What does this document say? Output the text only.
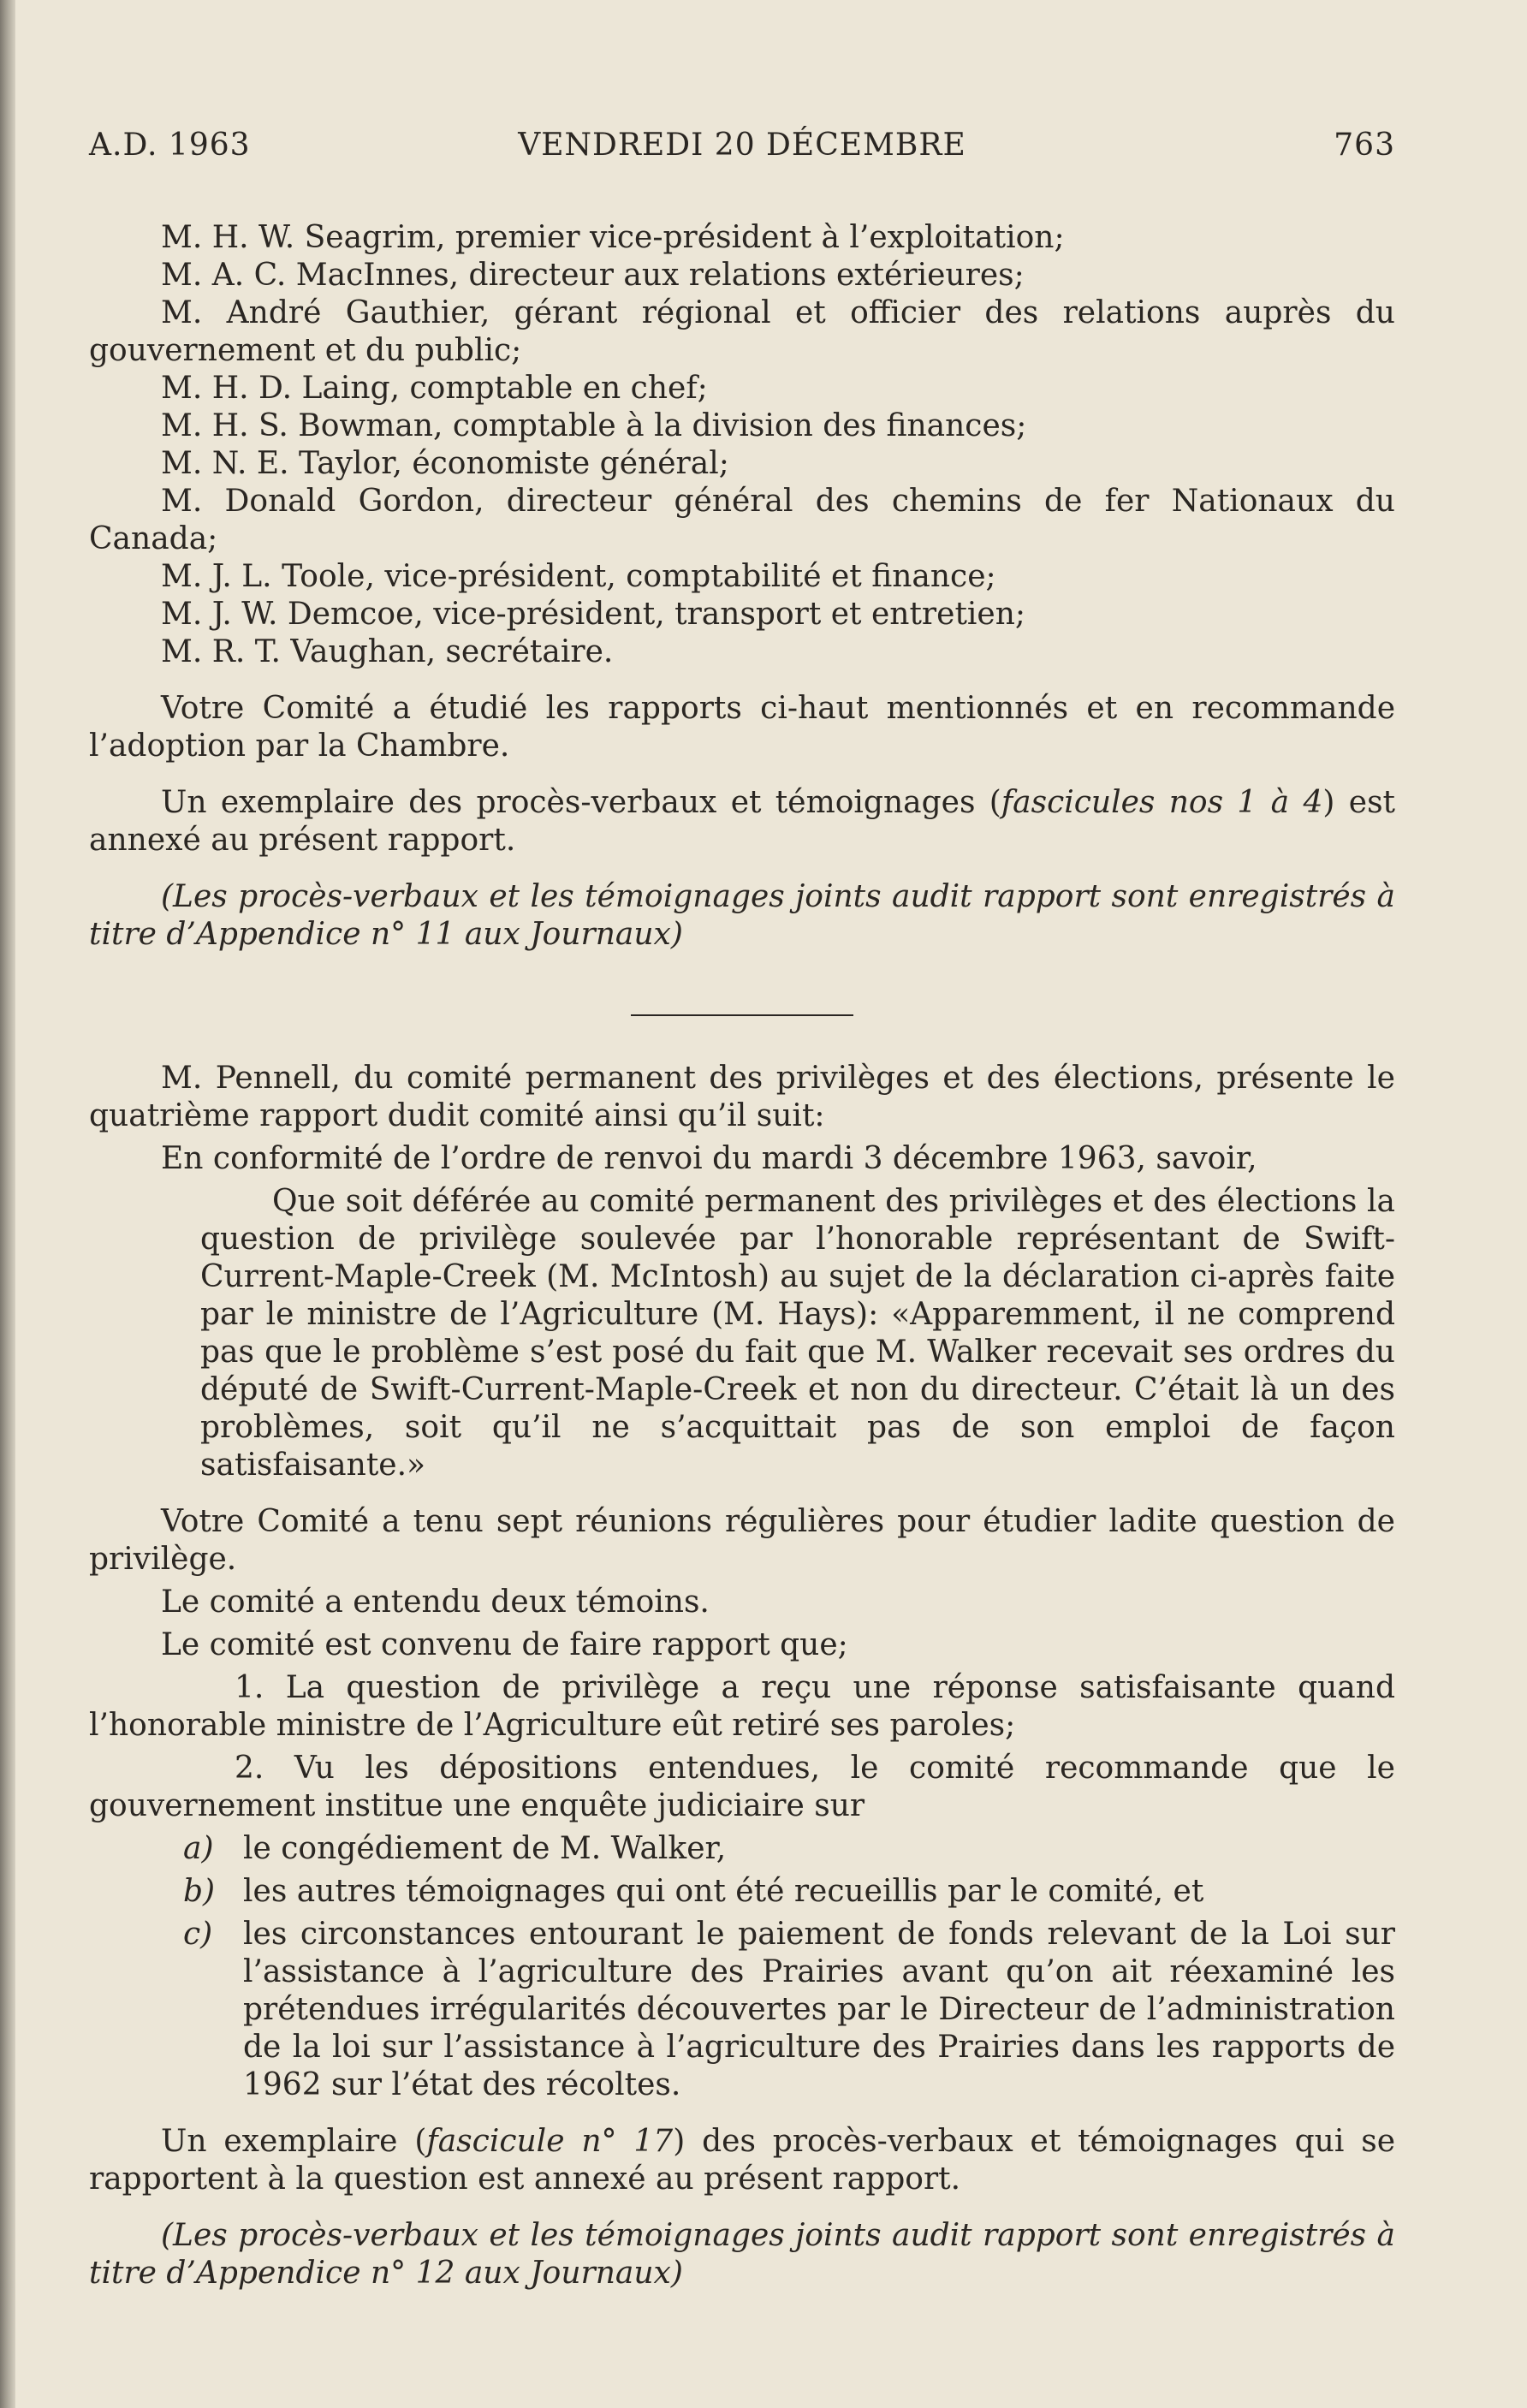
A.D. 1963	VENDREDI 20 DÉCEMBRE	763

M. H. W. Seagrim, premier vice-président à l’exploitation;

M. A. C. MacInnes, directeur aux relations extérieures;

M. André Gauthier, gérant régional et officier des relations auprès du gouvernement et du public;

M. H. D. Laing, comptable en chef;

M. H. S. Bowman, comptable à la division des finances;

M. N. E. Taylor, économiste général;

M. Donald Gordon, directeur général des chemins de fer Nationaux du Canada;

M. J. L. Toole, vice-président, comptabilité et finance;

M. J. W. Demcoe, vice-président, transport et entretien;

M. R. T. Vaughan, secrétaire.

Votre Comité a étudié les rapports ci-haut mentionnés et en recommande l’adoption par la Chambre.

Un exemplaire des procès-verbaux et témoignages (fascicules nos 1 à 4) est annexé au présent rapport.

(Les procès-verbaux et les témoignages joints audit rapport sont enregistrés à titre d’Appendice n° 11 aux Journaux)

M. Pennell, du comité permanent des privilèges et des élections, présente le quatrième rapport dudit comité ainsi qu’il suit:

En conformité de l’ordre de renvoi du mardi 3 décembre 1963, savoir,

Que soit déférée au comité permanent des privilèges et des élections la question de privilège soulevée par l’honorable représentant de Swift-Current-Maple-Creek (M. McIntosh) au sujet de la déclaration ci-après faite par le ministre de l’Agriculture (M. Hays): «Apparemment, il ne comprend pas que le problème s’est posé du fait que M. Walker recevait ses ordres du député de Swift-Current-Maple-Creek et non du directeur. C’était là un des problèmes, soit qu’il ne s’acquittait pas de son emploi de façon satisfaisante.»

Votre Comité a tenu sept réunions régulières pour étudier ladite question de privilège.

Le comité a entendu deux témoins.

Le comité est convenu de faire rapport que;

1. La question de privilège a reçu une réponse satisfaisante quand l’honorable ministre de l’Agriculture eût retiré ses paroles;

2. Vu les dépositions entendues, le comité recommande que le gouvernement institue une enquête judiciaire sur

a) le congédiement de M. Walker,
b) les autres témoignages qui ont été recueillis par le comité, et
c) les circonstances entourant le paiement de fonds relevant de la Loi sur l’assistance à l’agriculture des Prairies avant qu’on ait réexaminé les prétendues irrégularités découvertes par le Directeur de l’administration de la loi sur l’assistance à l’agriculture des Prairies dans les rapports de 1962 sur l’état des récoltes.

Un exemplaire (fascicule n° 17) des procès-verbaux et témoignages qui se rapportent à la question est annexé au présent rapport.

(Les procès-verbaux et les témoignages joints audit rapport sont enregistrés à titre d’Appendice n° 12 aux Journaux)
